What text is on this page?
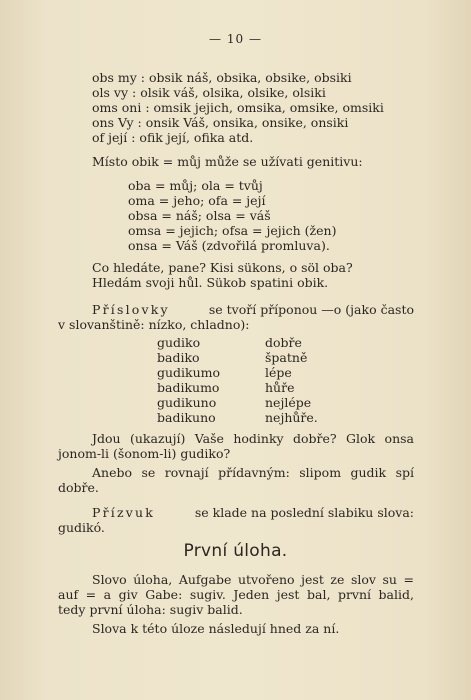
— 10 —
obs my : obsik náš, obsika, obsike, obsiki
ols vy : olsik váš, olsika, olsike, olsiki
oms oni : omsik jejich, omsika, omsike, omsiki
ons Vy : onsik Váš, onsika, onsike, onsiki
of její : ofik její, ofika atd.
Místo obik = můj může se užívati genitivu:
oba = můj; ola = tvůj
oma = jeho; ofa = její
obsa = náš; olsa = váš
omsa = jejich; ofsa = jejich (žen)
onsa = Váš (zdvořilá promluva).
Co hledáte, pane? Kisi sükons, o söl oba?
Hledám svoji hůl. Sükob spatini obik.
Příslovky	se tvoří příponou —o (jako často
v slovanštině: nízko, chladno):
gudiko	dobře
badiko	špatně
gudikumo	lépe
badikumo	hůře
gudikuno	nejlépe
badikuno	nejhůře.
Jdou (ukazují) Vaše hodinky dobře? Glok onsa
jonom-li (šonom-li) gudiko?
Anebo se rovnají přídavným: slipom gudik spí
dobře.
Přízvuk	se klade na poslední slabiku slova:
gudikó.
První úloha.
Slovo úloha, Aufgabe utvořeno jest ze slov su =
auf = a giv Gabe: sugiv. Jeden jest bal, první balid,
tedy první úloha: sugiv balid.
Slova k této úloze následují hned za ní.
